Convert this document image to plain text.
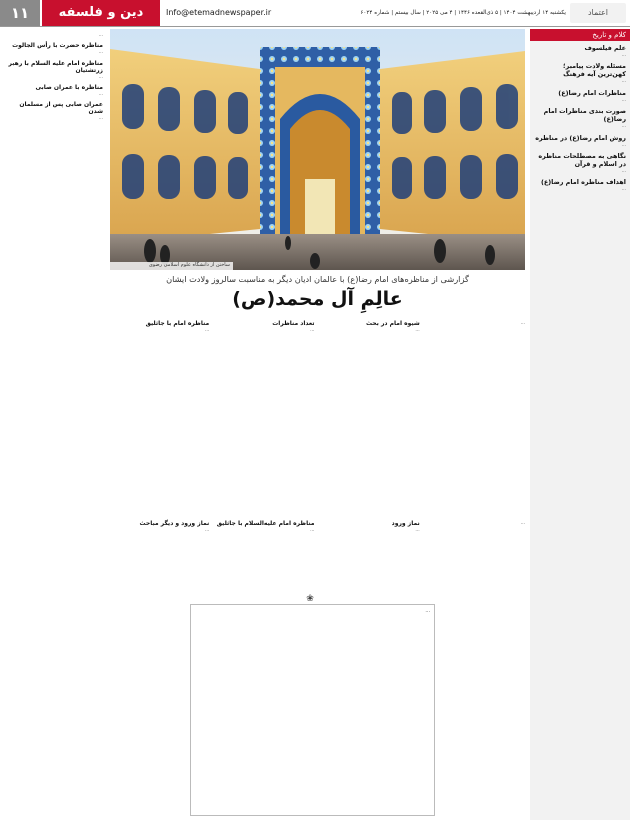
۱۱	دین و فلسفه	Info@etemadnewspaper.ir	یکشنبه ۱۴ اردیبهشت ۱۴۰۴ | ۵ ذی‌القعده ۱۴۴۶ | ۴ می ۲۰۲۵ | سال بیستم | شماره ۶۰۲۴	اعتماد
کلام و تاریخ
علم فیلسوف
...
مسئله ولادت پیامبر؛ کهن‌ترین آیه فرهنگ
...
مناظرات امام رضا(ع)
...
صورت بندی مناظرات امام رضا(ع)
...
روش امام رضا(ع) در مناظره
...
نگاهی به مصطلحات مناظره در اسلام و قرآن
...
اهداف مناظره امام رضا(ع)
...
ساختن از دانشگاه علوم اسلامی رضوی
...
مناظره حضرت با رأس الجالوت
...
مناظره امام علیه السلام با رهبر زرتشتیان
...
مناظره با عمران صابی
...
عمران صابی پس از مسلمان شدن
...
گزارشی از مناظره‌های امام رضا(ع) با عالمان ادیان دیگر به مناسبت سالروز ولادت ایشان
عالِمِ آل محمد(ص)
...
شیوه امام در بحث
...
تعداد مناظرات
...
مناظره امام با جاثلیق
...
...
نماز ورود
...
مناظره امام علیه‌السلام با جاثلیق
...
نماز ورود و دیگر مباحث
...
❀
...
